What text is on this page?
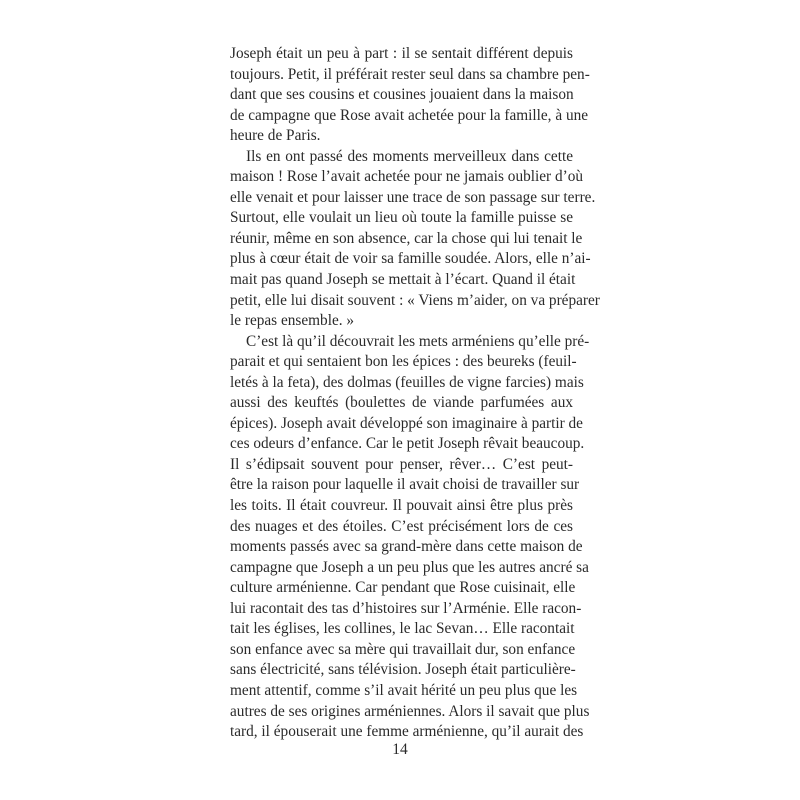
Joseph était un peu à part : il se sentait différent depuis
toujours. Petit, il préférait rester seul dans sa chambre pen-
dant que ses cousins et cousines jouaient dans la maison
de campagne que Rose avait achetée pour la famille, à une
heure de Paris.
Ils en ont passé des moments merveilleux dans cette
maison ! Rose l’avait achetée pour ne jamais oublier d’où
elle venait et pour laisser une trace de son passage sur terre.
Surtout, elle voulait un lieu où toute la famille puisse se
réunir, même en son absence, car la chose qui lui tenait le
plus à cœur était de voir sa famille soudée. Alors, elle n’ai-
mait pas quand Joseph se mettait à l’écart. Quand il était
petit, elle lui disait souvent : « Viens m’aider, on va préparer
le repas ensemble. »
C’est là qu’il découvrait les mets arméniens qu’elle pré-
parait et qui sentaient bon les épices : des beureks (feuil-
letés à la feta), des dolmas (feuilles de vigne farcies) mais
aussi des keuftés (boulettes de viande parfumées aux
épices). Joseph avait développé son imaginaire à partir de
ces odeurs d’enfance. Car le petit Joseph rêvait beaucoup.
Il s’édipsait souvent pour penser, rêver… C’est peut-
être la raison pour laquelle il avait choisi de travailler sur
les toits. Il était couvreur. Il pouvait ainsi être plus près
des nuages et des étoiles. C’est précisément lors de ces
moments passés avec sa grand-mère dans cette maison de
campagne que Joseph a un peu plus que les autres ancré sa
culture arménienne. Car pendant que Rose cuisinait, elle
lui racontait des tas d’histoires sur l’Arménie. Elle racon-
tait les églises, les collines, le lac Sevan… Elle racontait
son enfance avec sa mère qui travaillait dur, son enfance
sans électricité, sans télévision. Joseph était particulière-
ment attentif, comme s’il avait hérité un peu plus que les
autres de ses origines arméniennes. Alors il savait que plus
tard, il épouserait une femme arménienne, qu’il aurait des
14
